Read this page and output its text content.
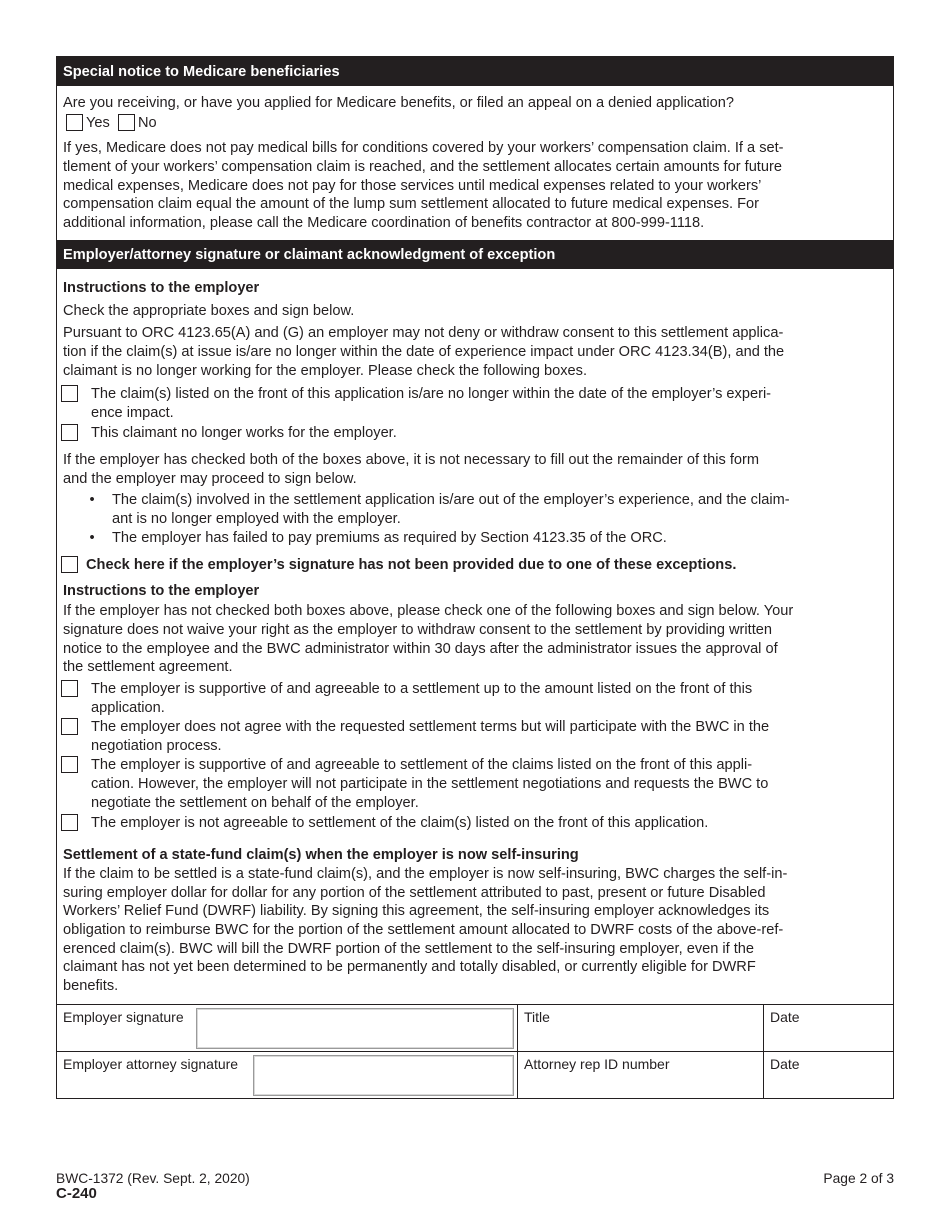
Special notice to Medicare beneficiaries
Are you receiving, or have you applied for Medicare benefits, or filed an appeal on a denied application?
Yes No
If yes, Medicare does not pay medical bills for conditions covered by your workers’ compensation claim. If a set-
tlement of your workers’ compensation claim is reached, and the settlement allocates certain amounts for future
medical expenses, Medicare does not pay for those services until medical expenses related to your workers’
compensation claim equal the amount of the lump sum settlement allocated to future medical expenses. For
additional information, please call the Medicare coordination of benefits contractor at 800-999-1118.
Employer/attorney signature or claimant acknowledgment of exception
Instructions to the employer
Check the appropriate boxes and sign below.
Pursuant to ORC 4123.65(A) and (G) an employer may not deny or withdraw consent to this settlement applica-
tion if the claim(s) at issue is/are no longer within the date of experience impact under ORC 4123.34(B), and the
claimant is no longer working for the employer. Please check the following boxes.
The claim(s) listed on the front of this application is/are no longer within the date of the employer’s experi-
ence impact.
This claimant no longer works for the employer.
If the employer has checked both of the boxes above, it is not necessary to fill out the remainder of this form
and the employer may proceed to sign below.
• The claim(s) involved in the settlement application is/are out of the employer’s experience, and the claim-
ant is no longer employed with the employer.
• The employer has failed to pay premiums as required by Section 4123.35 of the ORC.
Check here if the employer’s signature has not been provided due to one of these exceptions.
Instructions to the employer
If the employer has not checked both boxes above, please check one of the following boxes and sign below. Your
signature does not waive your right as the employer to withdraw consent to the settlement by providing written
notice to the employee and the BWC administrator within 30 days after the administrator issues the approval of
the settlement agreement.
The employer is supportive of and agreeable to a settlement up to the amount listed on the front of this
application.
The employer does not agree with the requested settlement terms but will participate with the BWC in the
negotiation process.
The employer is supportive of and agreeable to settlement of the claims listed on the front of this appli-
cation. However, the employer will not participate in the settlement negotiations and requests the BWC to
negotiate the settlement on behalf of the employer.
The employer is not agreeable to settlement of the claim(s) listed on the front of this application.
Settlement of a state-fund claim(s) when the employer is now self-insuring
If the claim to be settled is a state-fund claim(s), and the employer is now self-insuring, BWC charges the self-in-
suring employer dollar for dollar for any portion of the settlement attributed to past, present or future Disabled
Workers’ Relief Fund (DWRF) liability. By signing this agreement, the self-insuring employer acknowledges its
obligation to reimburse BWC for the portion of the settlement amount allocated to DWRF costs of the above-ref-
erenced claim(s). BWC will bill the DWRF portion of the settlement to the self-insuring employer, even if the
claimant has not yet been determined to be permanently and totally disabled, or currently eligible for DWRF
benefits.
Employer signature	Title	Date
Employer attorney signature	Attorney rep ID number	Date
BWC-1372 (Rev. Sept. 2, 2020)
C-240
Page 2 of 3
